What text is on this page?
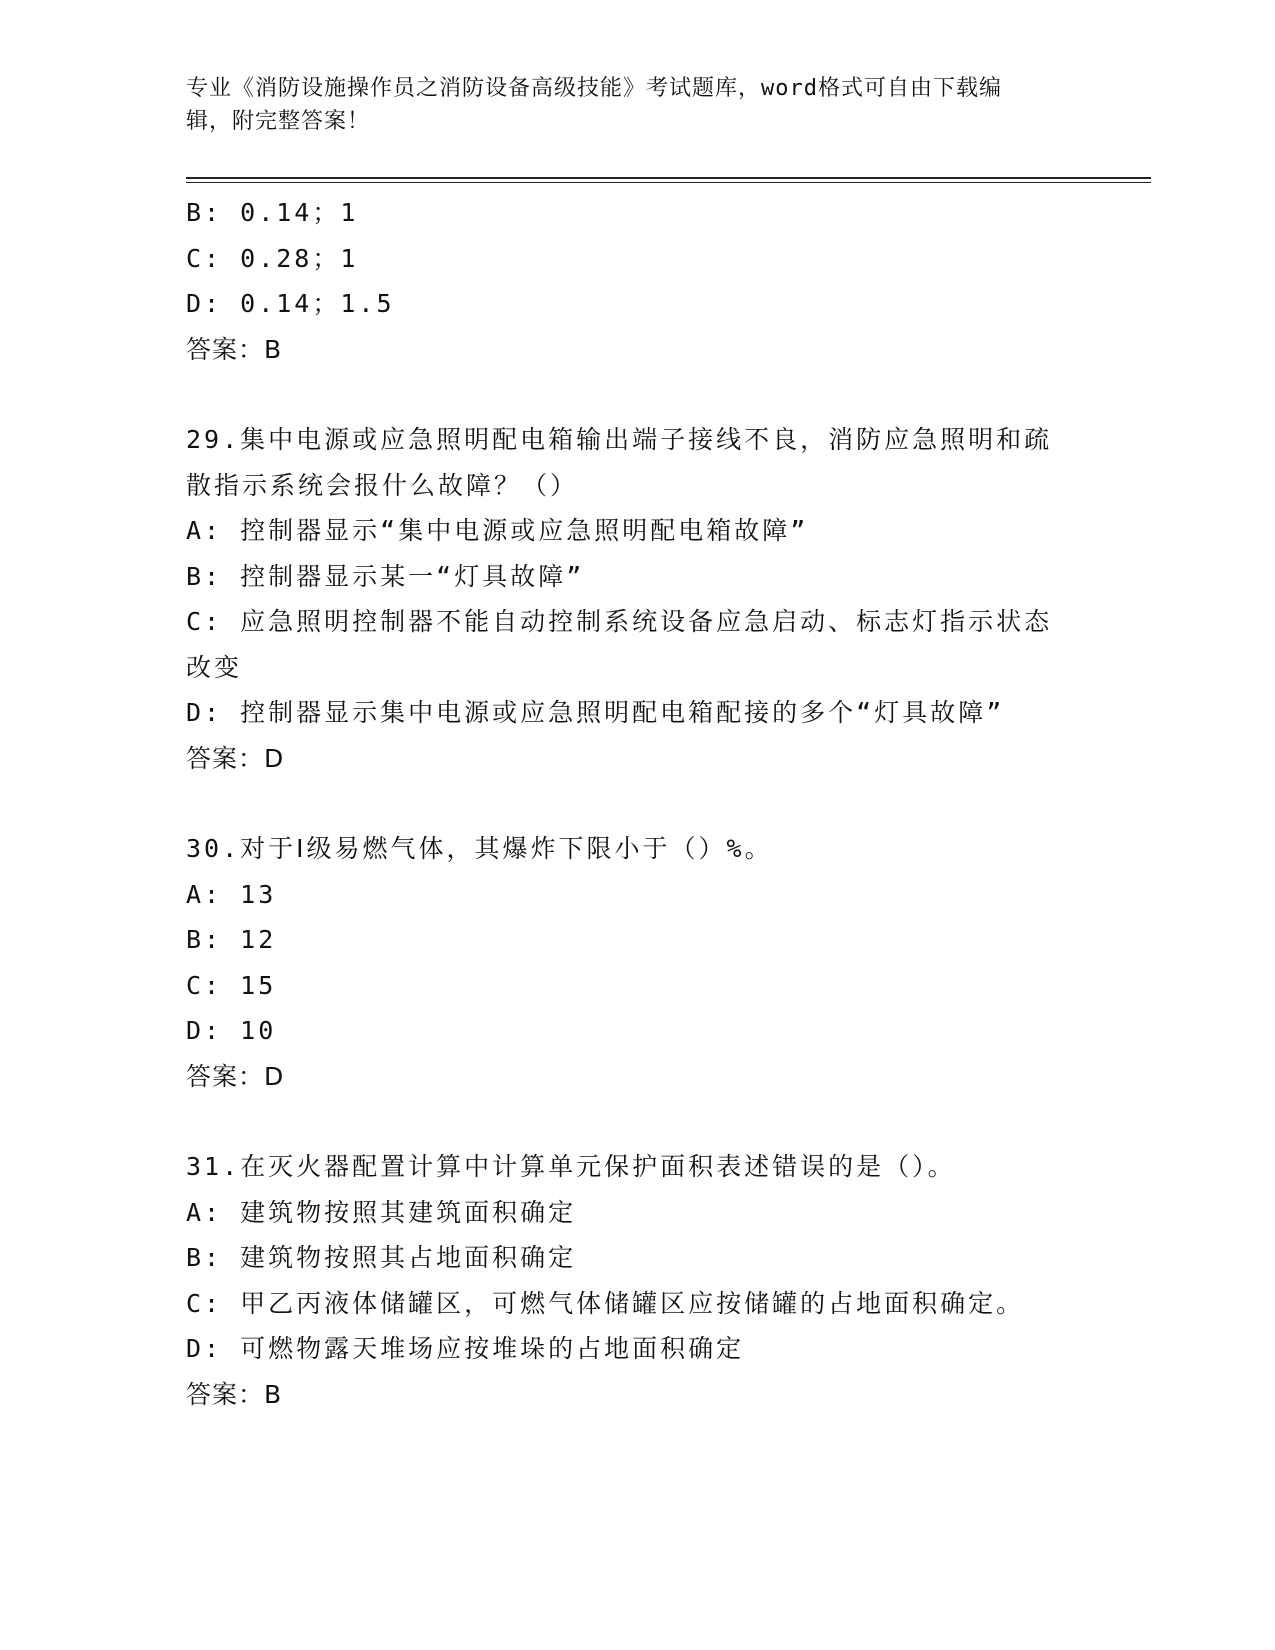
专业《消防设施操作员之消防设备高级技能》考试题库，word格式可自由下载编
辑，附完整答案！
B: 0.14；1
C: 0.28；1
D: 0.14；1.5
答案：B
29.集中电源或应急照明配电箱输出端子接线不良，消防应急照明和疏
散指示系统会报什么故障？（）
A: 控制器显示“集中电源或应急照明配电箱故障”
B: 控制器显示某一“灯具故障”
C: 应急照明控制器不能自动控制系统设备应急启动、标志灯指示状态
改变
D: 控制器显示集中电源或应急照明配电箱配接的多个“灯具故障”
答案：D
30.对于Ⅰ级易燃气体，其爆炸下限小于（）%。
A: 13
B: 12
C: 15
D: 10
答案：D
31.在灭火器配置计算中计算单元保护面积表述错误的是（）。
A: 建筑物按照其建筑面积确定
B: 建筑物按照其占地面积确定
C: 甲乙丙液体储罐区，可燃气体储罐区应按储罐的占地面积确定。
D: 可燃物露天堆场应按堆垛的占地面积确定
答案：B
